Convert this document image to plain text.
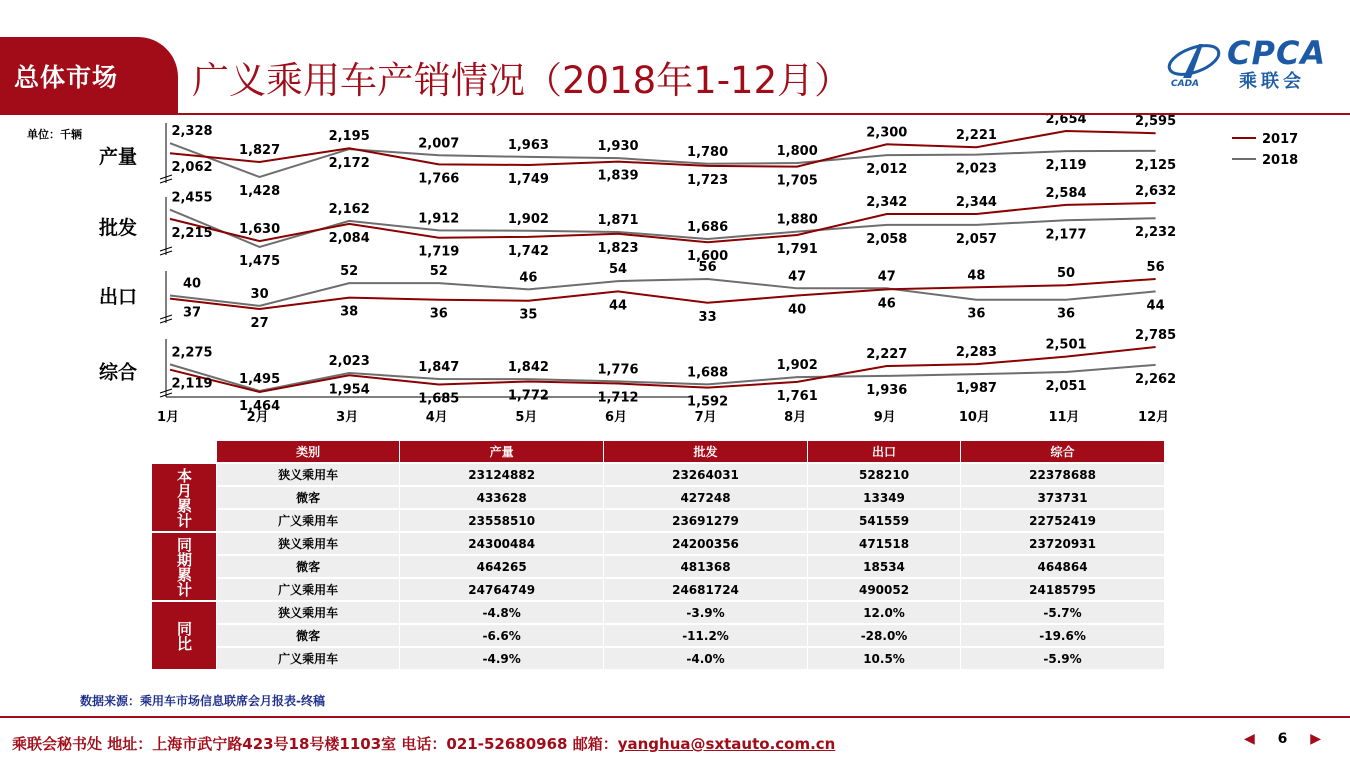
总体市场 广义乘用车产销情况（2018年1-12月）	CADA
CPCA
乘联会
单位：千辆
产量
批发
出口
综合
2,328
2,062
1,827
1,428
2,195
2,172
2,007
1,766
1,963
1,749
1,930
1,839
1,780
1,723
1,800
1,705
2,300
2,012
2,221
2,023
2,654
2,119
2,595
2,125
2,455
2,215 1,630
1,475
2,162
2,084
1,912
1,719
1,902
1,742
1,871
1,823
1,686
1,600
1,880
1,791
2,342
2,058
2,344
2,057
2,584
2,177
2,632
2,232
40
37
30
27
52
38
52
36
46
35
54
44
56
33
47
40
47
46
48
36
50
36
56
44
2,275
2,119 1,495
1,464
2,023
1,954
1,847
1,685
1,842
1,772
1,776
1,712
1,688
1,592
1,902
1,761
2,227
1,936
2,283
1,987
2,501
2,051
2,785
2,262
1月	2月	3月	4月	5月	6月	7月	8月	9月	10月	11月	12月
2017
2018
	类别	产量	批发	出口	综合
本月累计	狭义乘用车	23124882	23264031	528210	22378688
	微客	433628	427248	13349	373731
	广义乘用车	23558510	23691279	541559	22752419
同期累计	狭义乘用车	24300484	24200356	471518	23720931
	微客	464265	481368	18534	464864
	广义乘用车	24764749	24681724	490052	24185795
同比	狭义乘用车	-4.8%	-3.9%	12.0%	-5.7%
	微客	-6.6%	-11.2%	-28.0%	-19.6%
	广义乘用车	-4.9%	-4.0%	10.5%	-5.9%
数据来源：乘用车市场信息联席会月报表-终稿
乘联会秘书处 地址：上海市武宁路423号18号楼1103室 电话：021-52680968 邮箱：yanghua@sxtauto.com.cn	◀ 6 ▶
